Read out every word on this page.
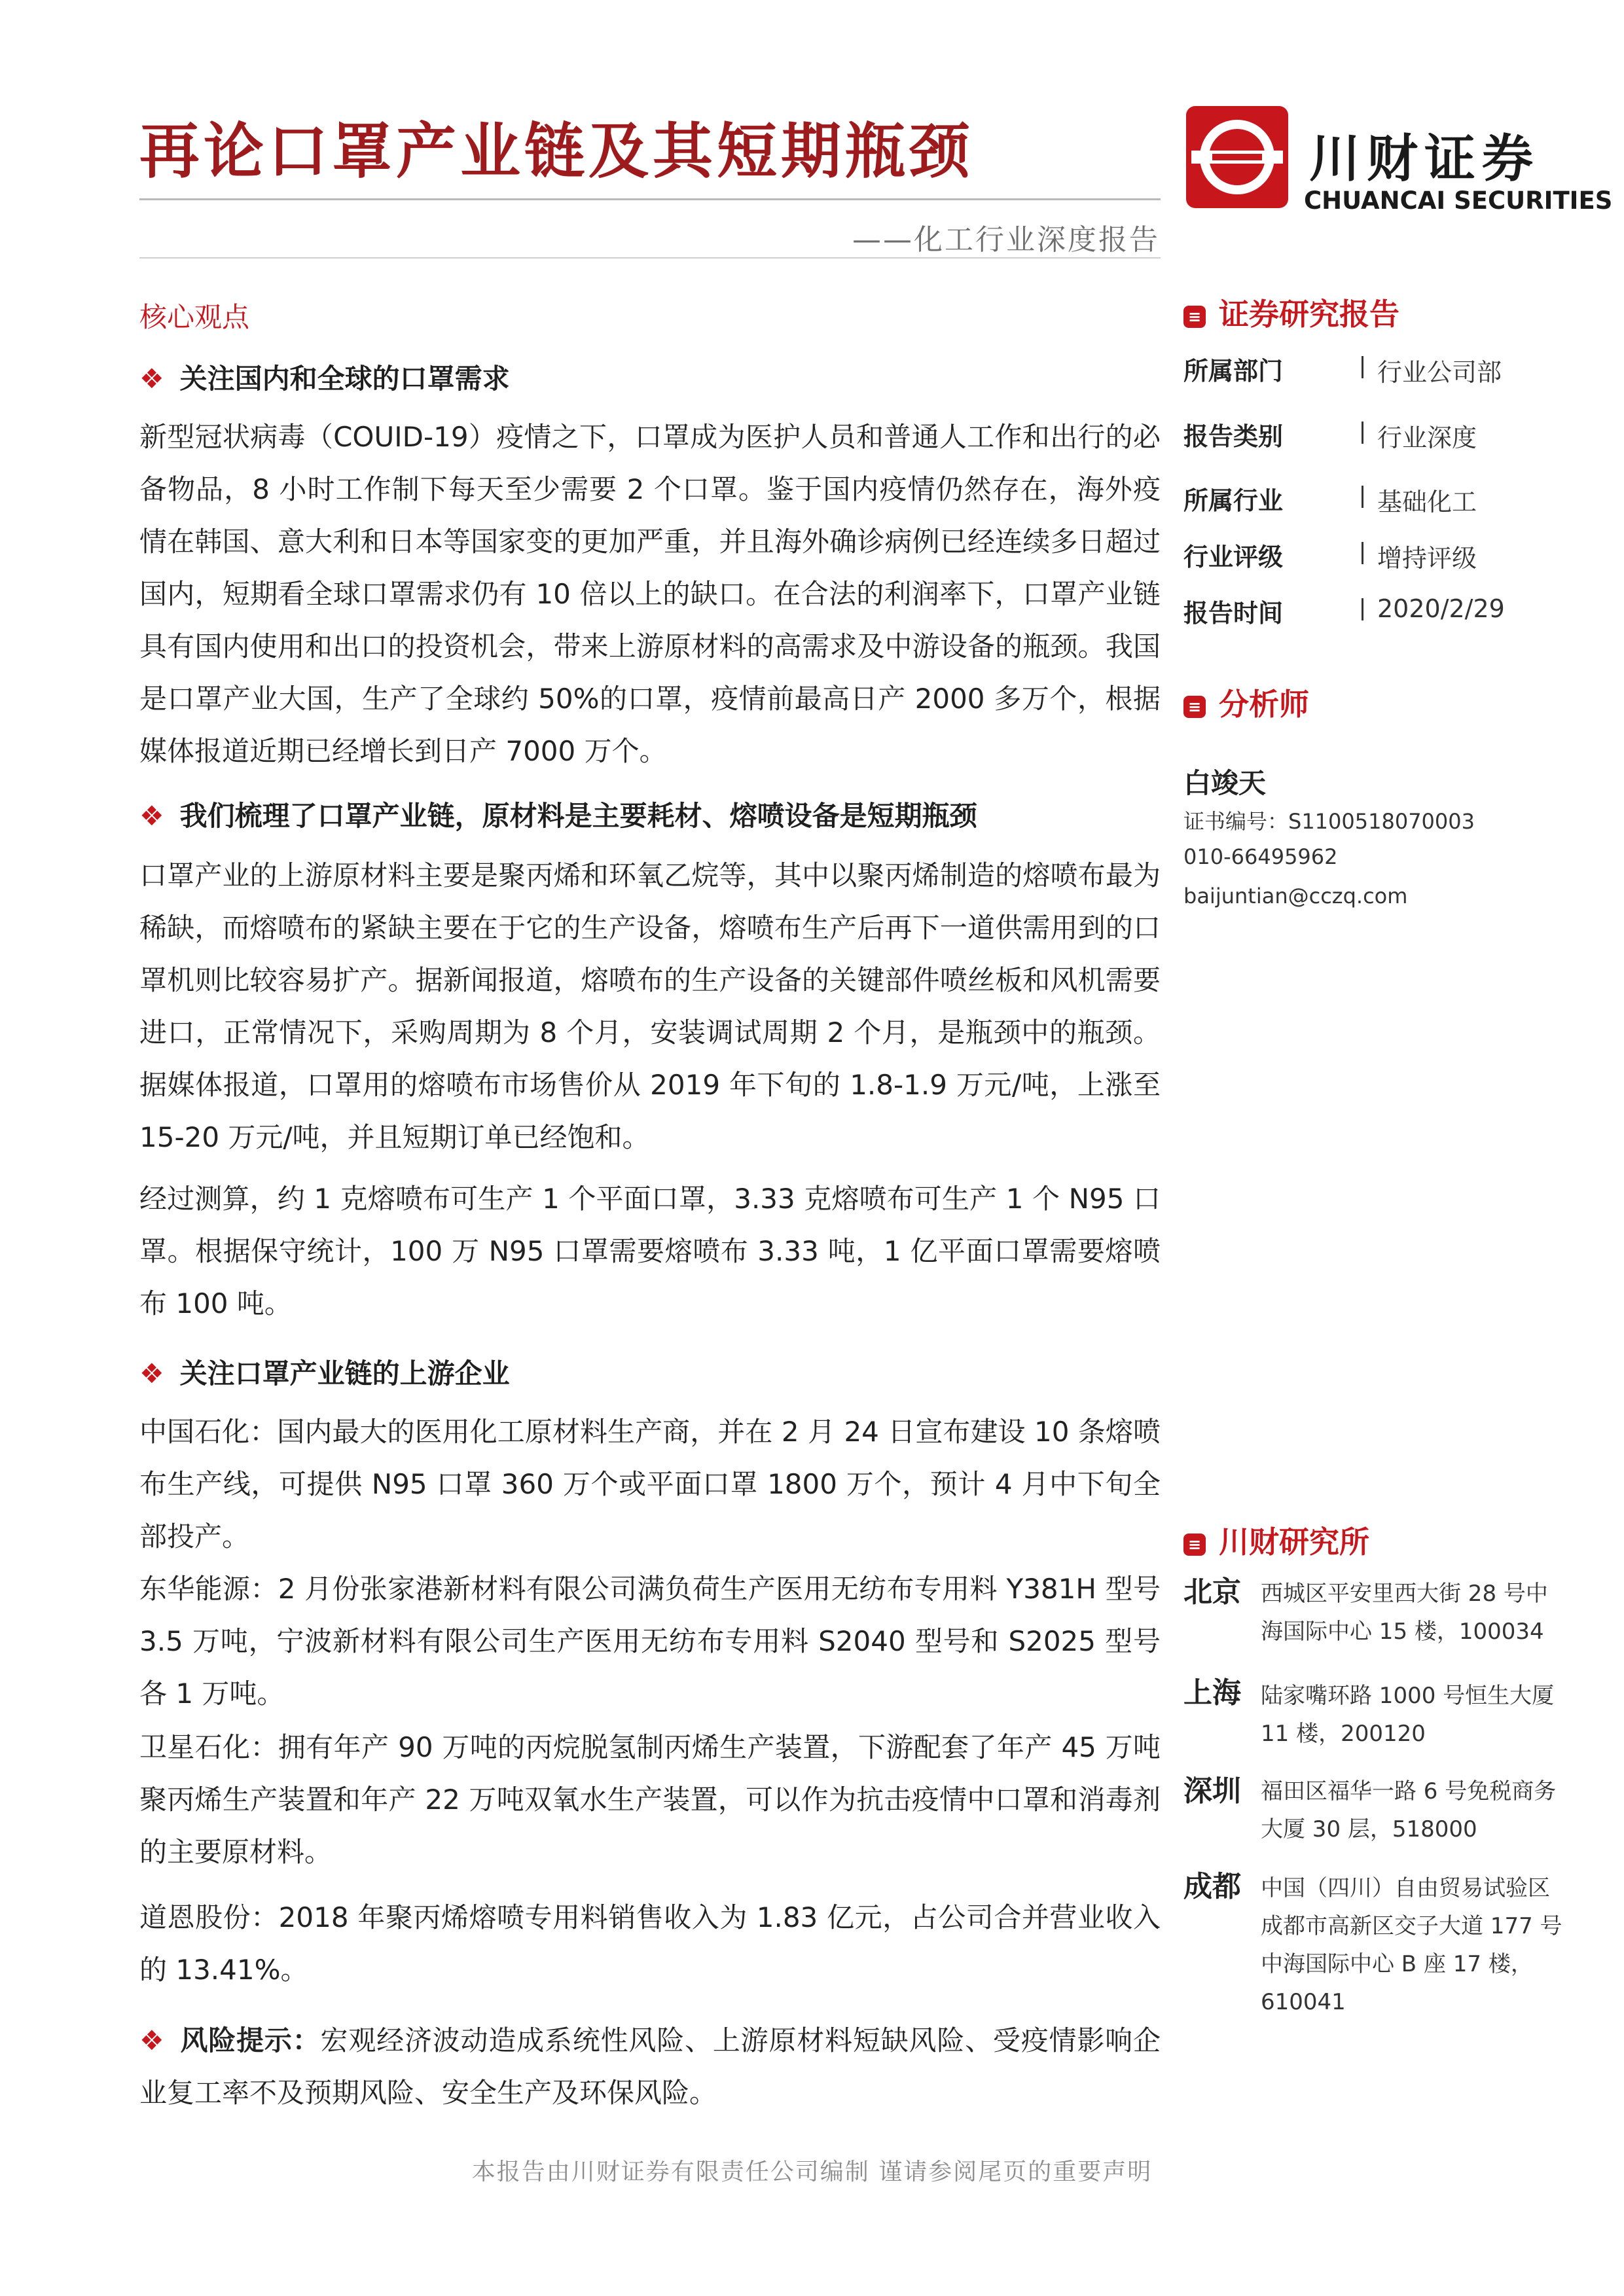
再论口罩产业链及其短期瓶颈
——化工行业深度报告
川财证券
CHUANCAI SECURITIES
核心观点
❖ 关注国内和全球的口罩需求
新型冠状病毒（COUID-19）疫情之下，口罩成为医护人员和普通人工作和出行的必备物品，8 小时工作制下每天至少需要 2 个口罩。鉴于国内疫情仍然存在，海外疫情在韩国、意大利和日本等国家变的更加严重，并且海外确诊病例已经连续多日超过国内，短期看全球口罩需求仍有 10 倍以上的缺口。在合法的利润率下，口罩产业链具有国内使用和出口的投资机会，带来上游原材料的高需求及中游设备的瓶颈。我国是口罩产业大国，生产了全球约 50%的口罩，疫情前最高日产 2000 多万个，根据媒体报道近期已经增长到日产 7000 万个。
❖ 我们梳理了口罩产业链，原材料是主要耗材、熔喷设备是短期瓶颈
口罩产业的上游原材料主要是聚丙烯和环氧乙烷等，其中以聚丙烯制造的熔喷布最为稀缺，而熔喷布的紧缺主要在于它的生产设备，熔喷布生产后再下一道供需用到的口罩机则比较容易扩产。据新闻报道，熔喷布的生产设备的关键部件喷丝板和风机需要进口，正常情况下，采购周期为 8 个月，安装调试周期 2 个月，是瓶颈中的瓶颈。据媒体报道，口罩用的熔喷布市场售价从 2019 年下旬的 1.8-1.9 万元/吨，上涨至 15-20 万元/吨，并且短期订单已经饱和。
经过测算，约 1 克熔喷布可生产 1 个平面口罩，3.33 克熔喷布可生产 1 个 N95 口罩。根据保守统计，100 万 N95 口罩需要熔喷布 3.33 吨，1 亿平面口罩需要熔喷布 100 吨。
❖ 关注口罩产业链的上游企业
中国石化：国内最大的医用化工原材料生产商，并在 2 月 24 日宣布建设 10 条熔喷布生产线，可提供 N95 口罩 360 万个或平面口罩 1800 万个，预计 4 月中下旬全部投产。
东华能源：2 月份张家港新材料有限公司满负荷生产医用无纺布专用料 Y381H 型号 3.5 万吨，宁波新材料有限公司生产医用无纺布专用料 S2040 型号和 S2025 型号各 1 万吨。
卫星石化：拥有年产 90 万吨的丙烷脱氢制丙烯生产装置，下游配套了年产 45 万吨聚丙烯生产装置和年产 22 万吨双氧水生产装置，可以作为抗击疫情中口罩和消毒剂的主要原材料。
道恩股份：2018 年聚丙烯熔喷专用料销售收入为 1.83 亿元，占公司合并营业收入的 13.41%。
❖ 风险提示：宏观经济波动造成系统性风险、上游原材料短缺风险、受疫情影响企业复工率不及预期风险、安全生产及环保风险。
≡ 证券研究报告
所属部门	行业公司部
报告类别	行业深度
所属行业	基础化工
行业评级	增持评级
报告时间	2020/2/29
≡ 分析师
白竣天
证书编号：S1100518070003
010-66495962
baijuntian@cczq.com
≡ 川财研究所
北京 西城区平安里西大街 28 号中海国际中心 15 楼，100034
上海 陆家嘴环路 1000 号恒生大厦 11 楼，200120
深圳 福田区福华一路 6 号免税商务大厦 30 层，518000
成都 中国（四川）自由贸易试验区成都市高新区交子大道 177 号中海国际中心 B 座 17 楼，610041
本报告由川财证券有限责任公司编制 谨请参阅尾页的重要声明
